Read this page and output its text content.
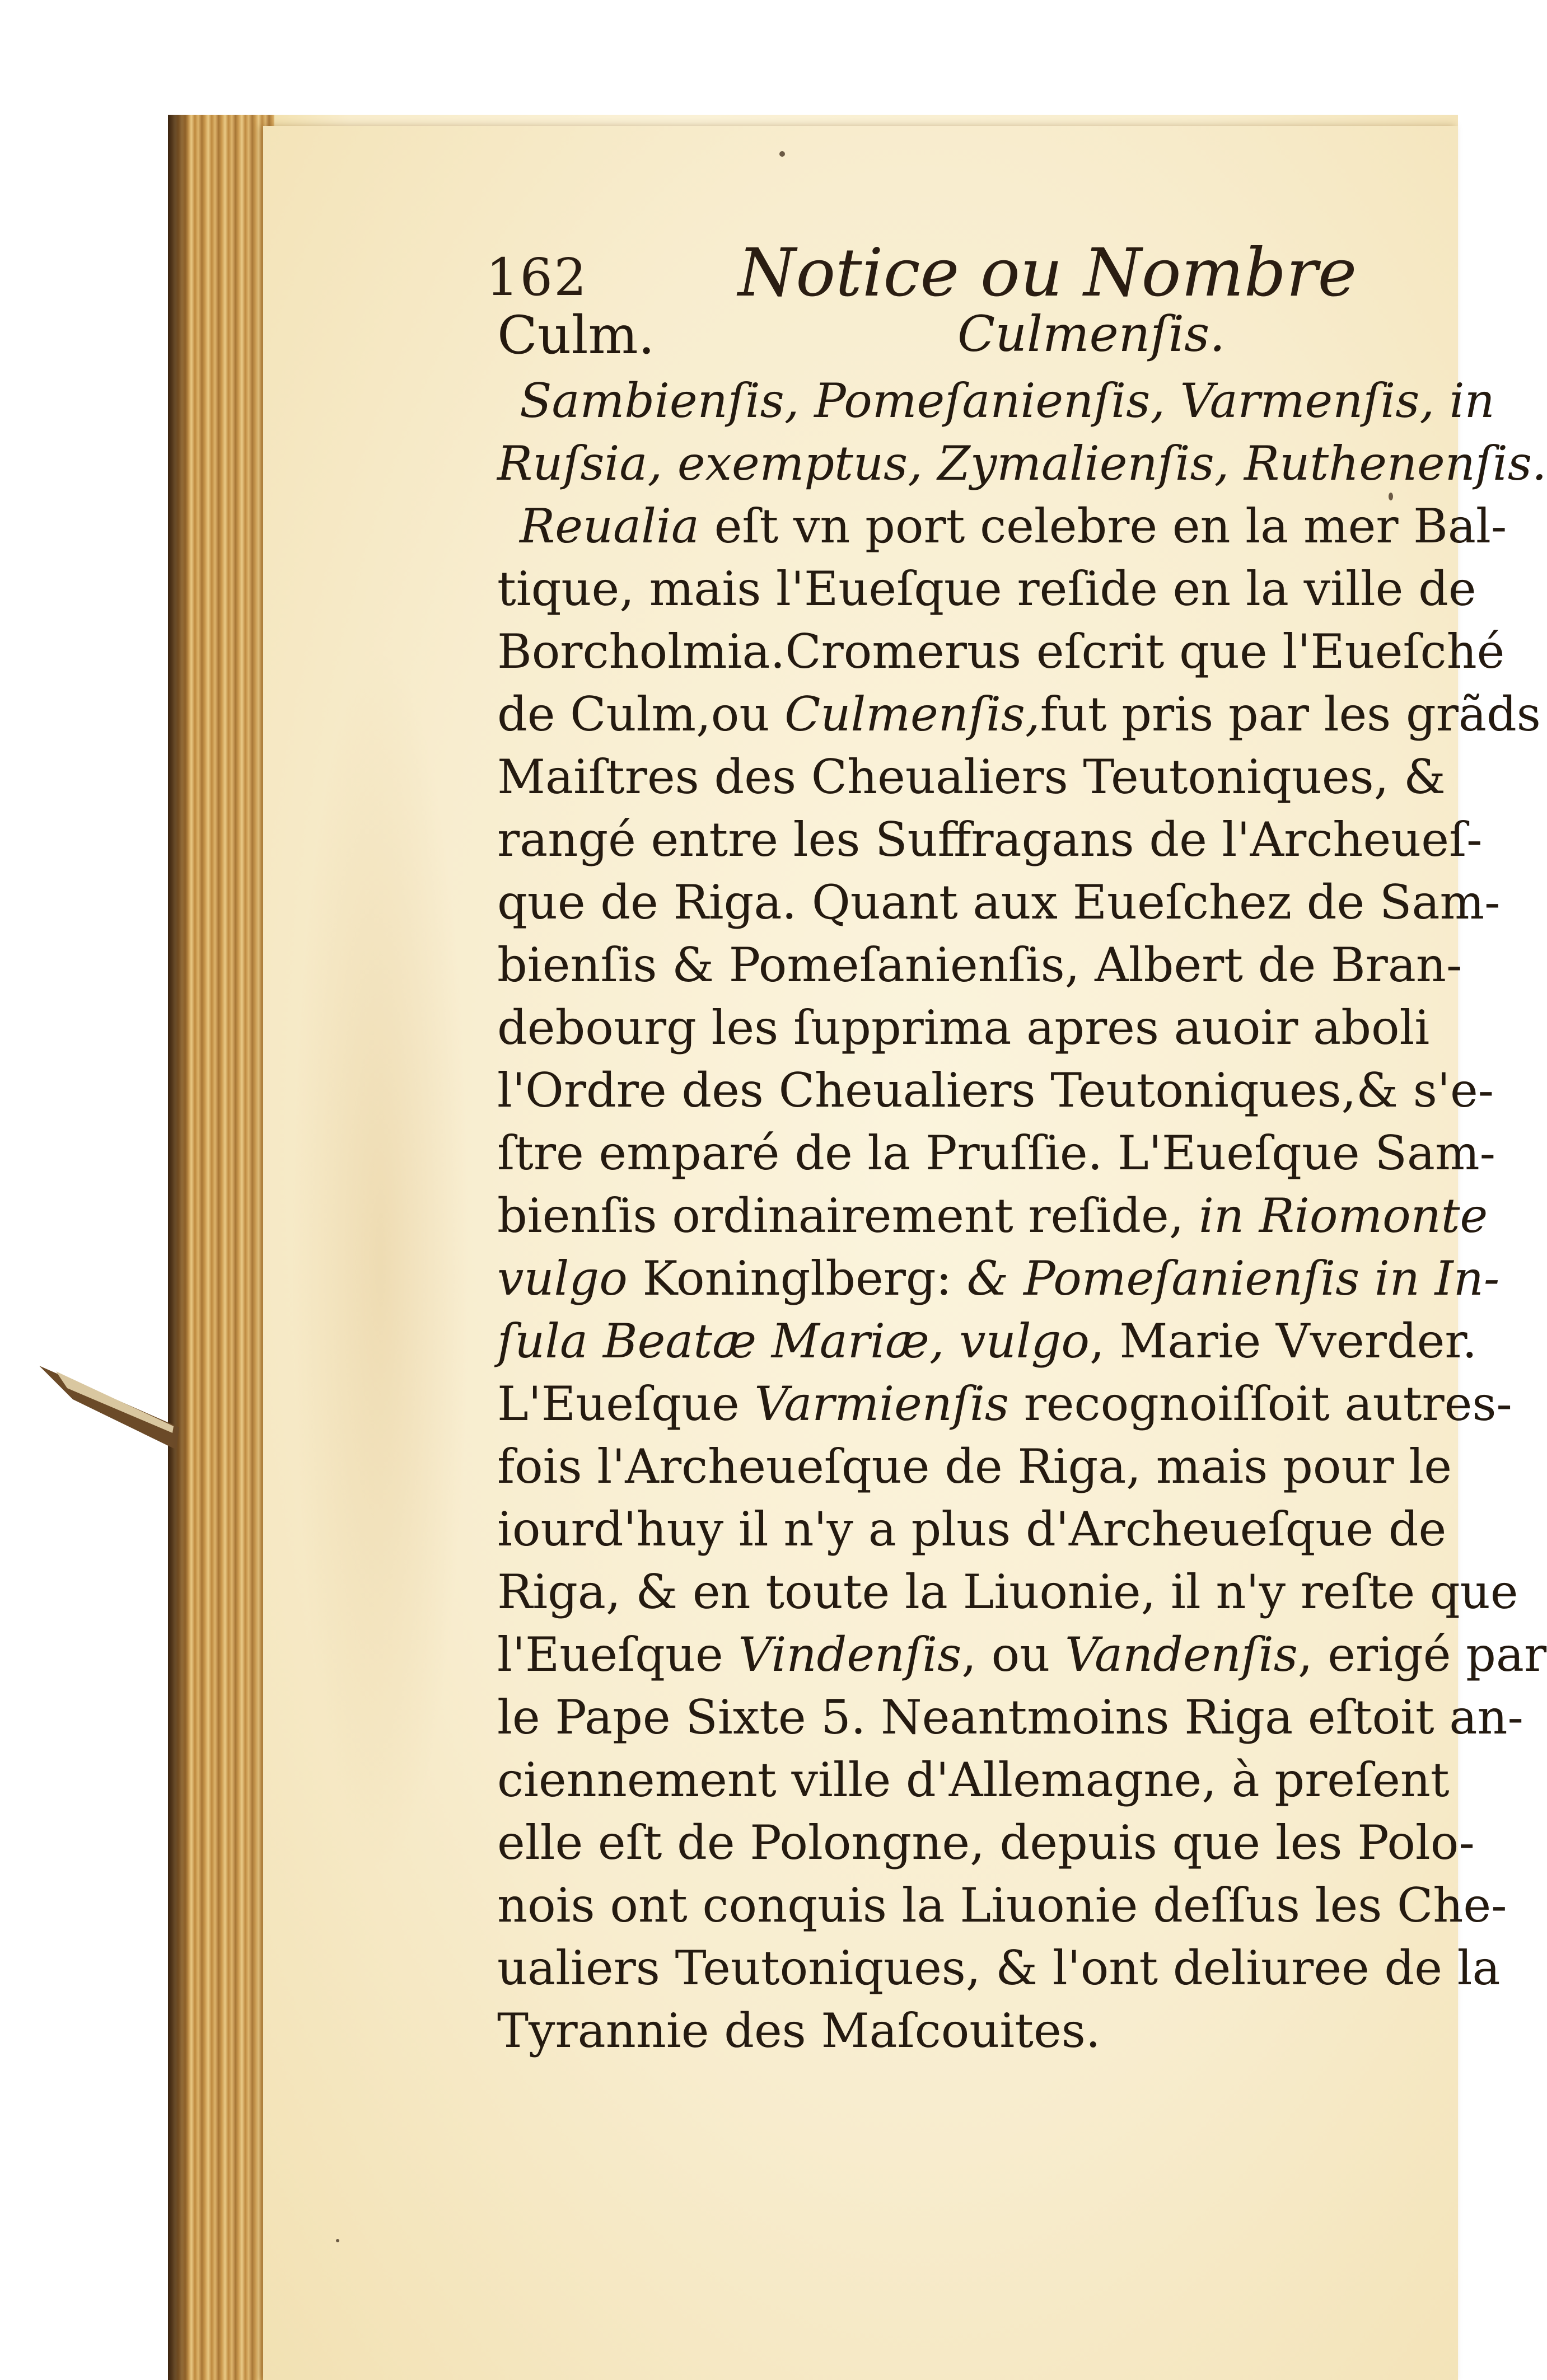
162 Notice ou Nombre
Culm.	Culmenſis.
Sambienſis, Pomeſanienſis, Varmenſis, in
Ruſsia, exemptus, Zymalienſis, Ruthenenſis.
Reualia eſt vn port celebre en la mer Bal-
tique, mais l'Eueſque reſide en la ville de
Borcholmia.Cromerus eſcrit que l'Eueſché
de Culm,ou Culmenſis,fut pris par les grãds
Maiſtres des Cheualiers Teutoniques, &
rangé entre les Suffragans de l'Archeueſ-
que de Riga. Quant aux Eueſchez de Sam-
bienſis & Pomeſanienſis, Albert de Bran-
debourg les ſupprima apres auoir aboli
l'Ordre des Cheualiers Teutoniques,& s'e-
ſtre emparé de la Pruſſie. L'Eueſque Sam-
bienſis ordinairement reſide, in Riomonte
vulgo Koninglberg: & Pomeſanienſis in In-
ſula Beatæ Mariæ, vulgo, Marie Vverder.
L'Eueſque Varmienſis recognoiſſoit autres-
fois l'Archeueſque de Riga, mais pour le
iourd'huy il n'y a plus d'Archeueſque de
Riga, & en toute la Liuonie, il n'y reſte que
l'Eueſque Vindenſis, ou Vandenſis, erigé par
le Pape Sixte 5. Neantmoins Riga eſtoit an-
ciennement ville d'Allemagne, à preſent
elle eſt de Polongne, depuis que les Polo-
nois ont conquis la Liuonie deſſus les Che-
ualiers Teutoniques, & l'ont deliuree de la
Tyrannie des Maſcouites.
